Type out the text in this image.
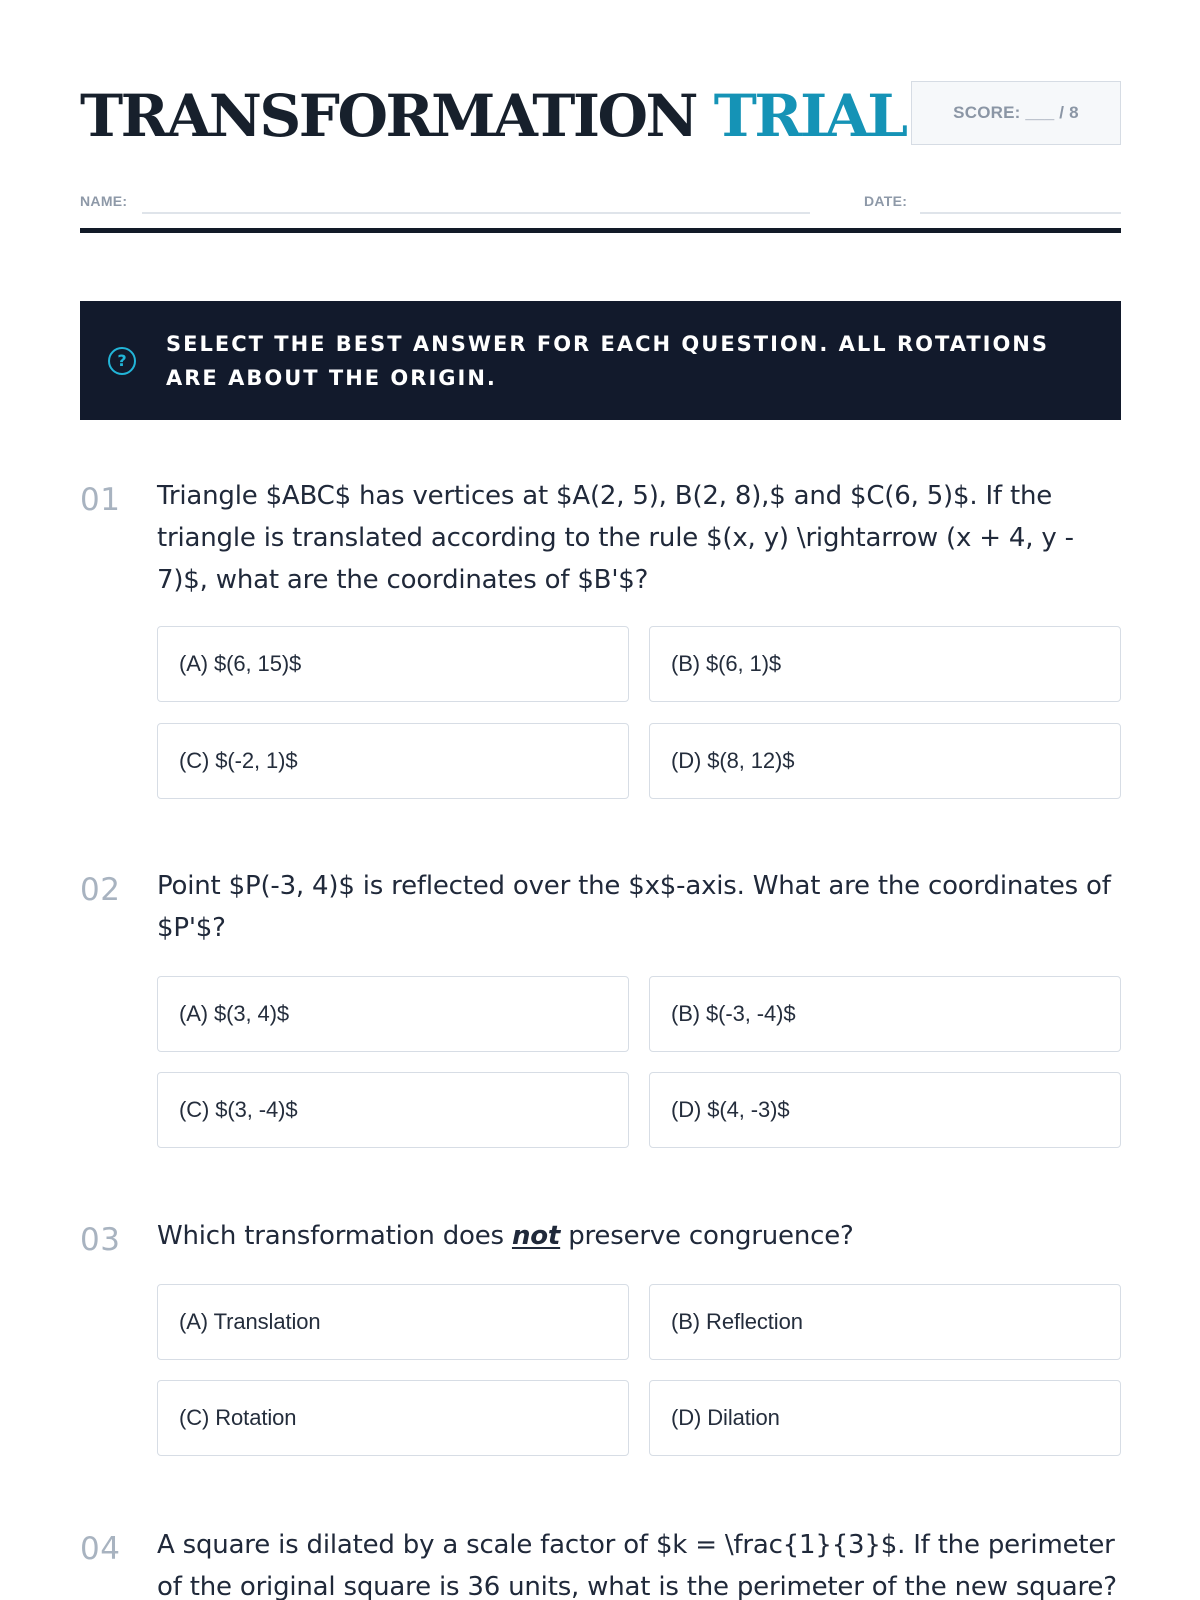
TRANSFORMATION TRIAL	SCORE: ___ / 8
NAME:	DATE:
?
SELECT THE BEST ANSWER FOR EACH QUESTION. ALL ROTATIONS ARE ABOUT THE ORIGIN.
01	Triangle $ABC$ has vertices at $A(2, 5), B(2, 8),$ and $C(6, 5)$. If the triangle is translated according to the rule $(x, y) \rightarrow (x + 4, y - 7)$, what are the coordinates of $B'$?

(A) $(6, 15)$	(B) $(6, 1)$
(C) $(-2, 1)$	(D) $(8, 12)$
02	Point $P(-3, 4)$ is reflected over the $x$-axis. What are the coordinates of $P'$?

(A) $(3, 4)$	(B) $(-3, -4)$
(C) $(3, -4)$	(D) $(4, -3)$
03	Which transformation does not preserve congruence?

(A) Translation	(B) Reflection
(C) Rotation	(D) Dilation
04	A square is dilated by a scale factor of $k = \frac{1}{3}$. If the perimeter of the original square is 36 units, what is the perimeter of the new square?
